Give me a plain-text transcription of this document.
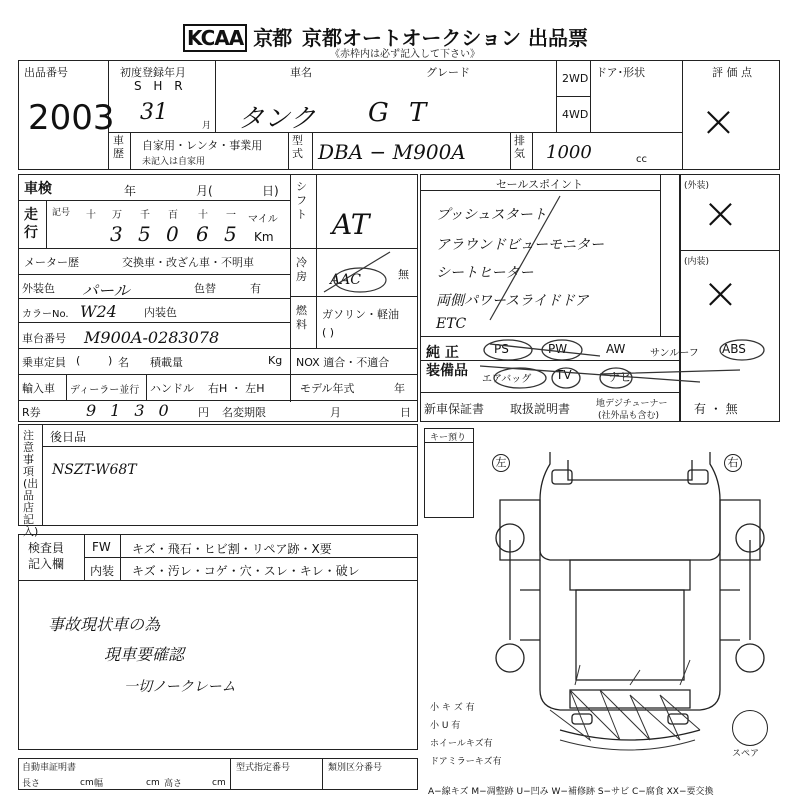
KCAA 京都 京都オートオークション 出品票
《赤枠内は必ず記入して下さい》
出品番号
2003
初度登録年月
S H R
31
月
車名
タンク
グレード
G T
2WD
4WD
ドア･形状	評 価 点
×
車歴
自家用・レンタ・事業用
未記入は自家用
型式 DBA − M900A	排気 1000	cc
車検	年	月(	日)
走行
記号 十 万 千 百 十 一 マイル
3 5 0 6 5 Km
メーター歴	交換車・改ざん車・不明車
外装色 パール	色替	有
カラーNo. W24 内装色
車台番号 M900A-0283078
乗車定員 (	) 名 積載量	Kg NOX 適合・不適合
輸入車 ディーラー並行 ハンドル 右H ・ 左H	モデル年式	年
R券	9130 円 名変期限	月	日
シフト AT
冷房 AAC	無
燃料
ガソリン・軽油
( )
セールスポイント
プッシュスタート
アラウンドビューモニター
シートヒーター
両側パワースライドドア
ETC
純 正 装備品
PS	PW	AW サンルーフ ABS
エアバッグ TV	ナビ
新車保証書 取扱説明書	地デジチューナー
(社外品も含む)	有 ・ 無
(外装)
×
(内装)
×
注意事項(出品店記入)
後日品
NSZT-W68T
キー預り
左	右
検査員記入欄
FW キズ・飛石・ヒビ割・リペア跡・X要
内装 キズ・汚レ・コゲ・穴・スレ・キレ・破レ
事故現状車の為
現車要確認
一切ノークレーム
小 キ ズ 有
小 U 有
ホイールキズ有
ドアミラーキズ有
スペア
A−線キズ M−凋整跡 U−凹み W−補修跡 S−サビ C−腐食 XX−要交換
自動車証明書
長さ	cm 幅	cm 高さ	cm
型式指定番号	類別区分番号
